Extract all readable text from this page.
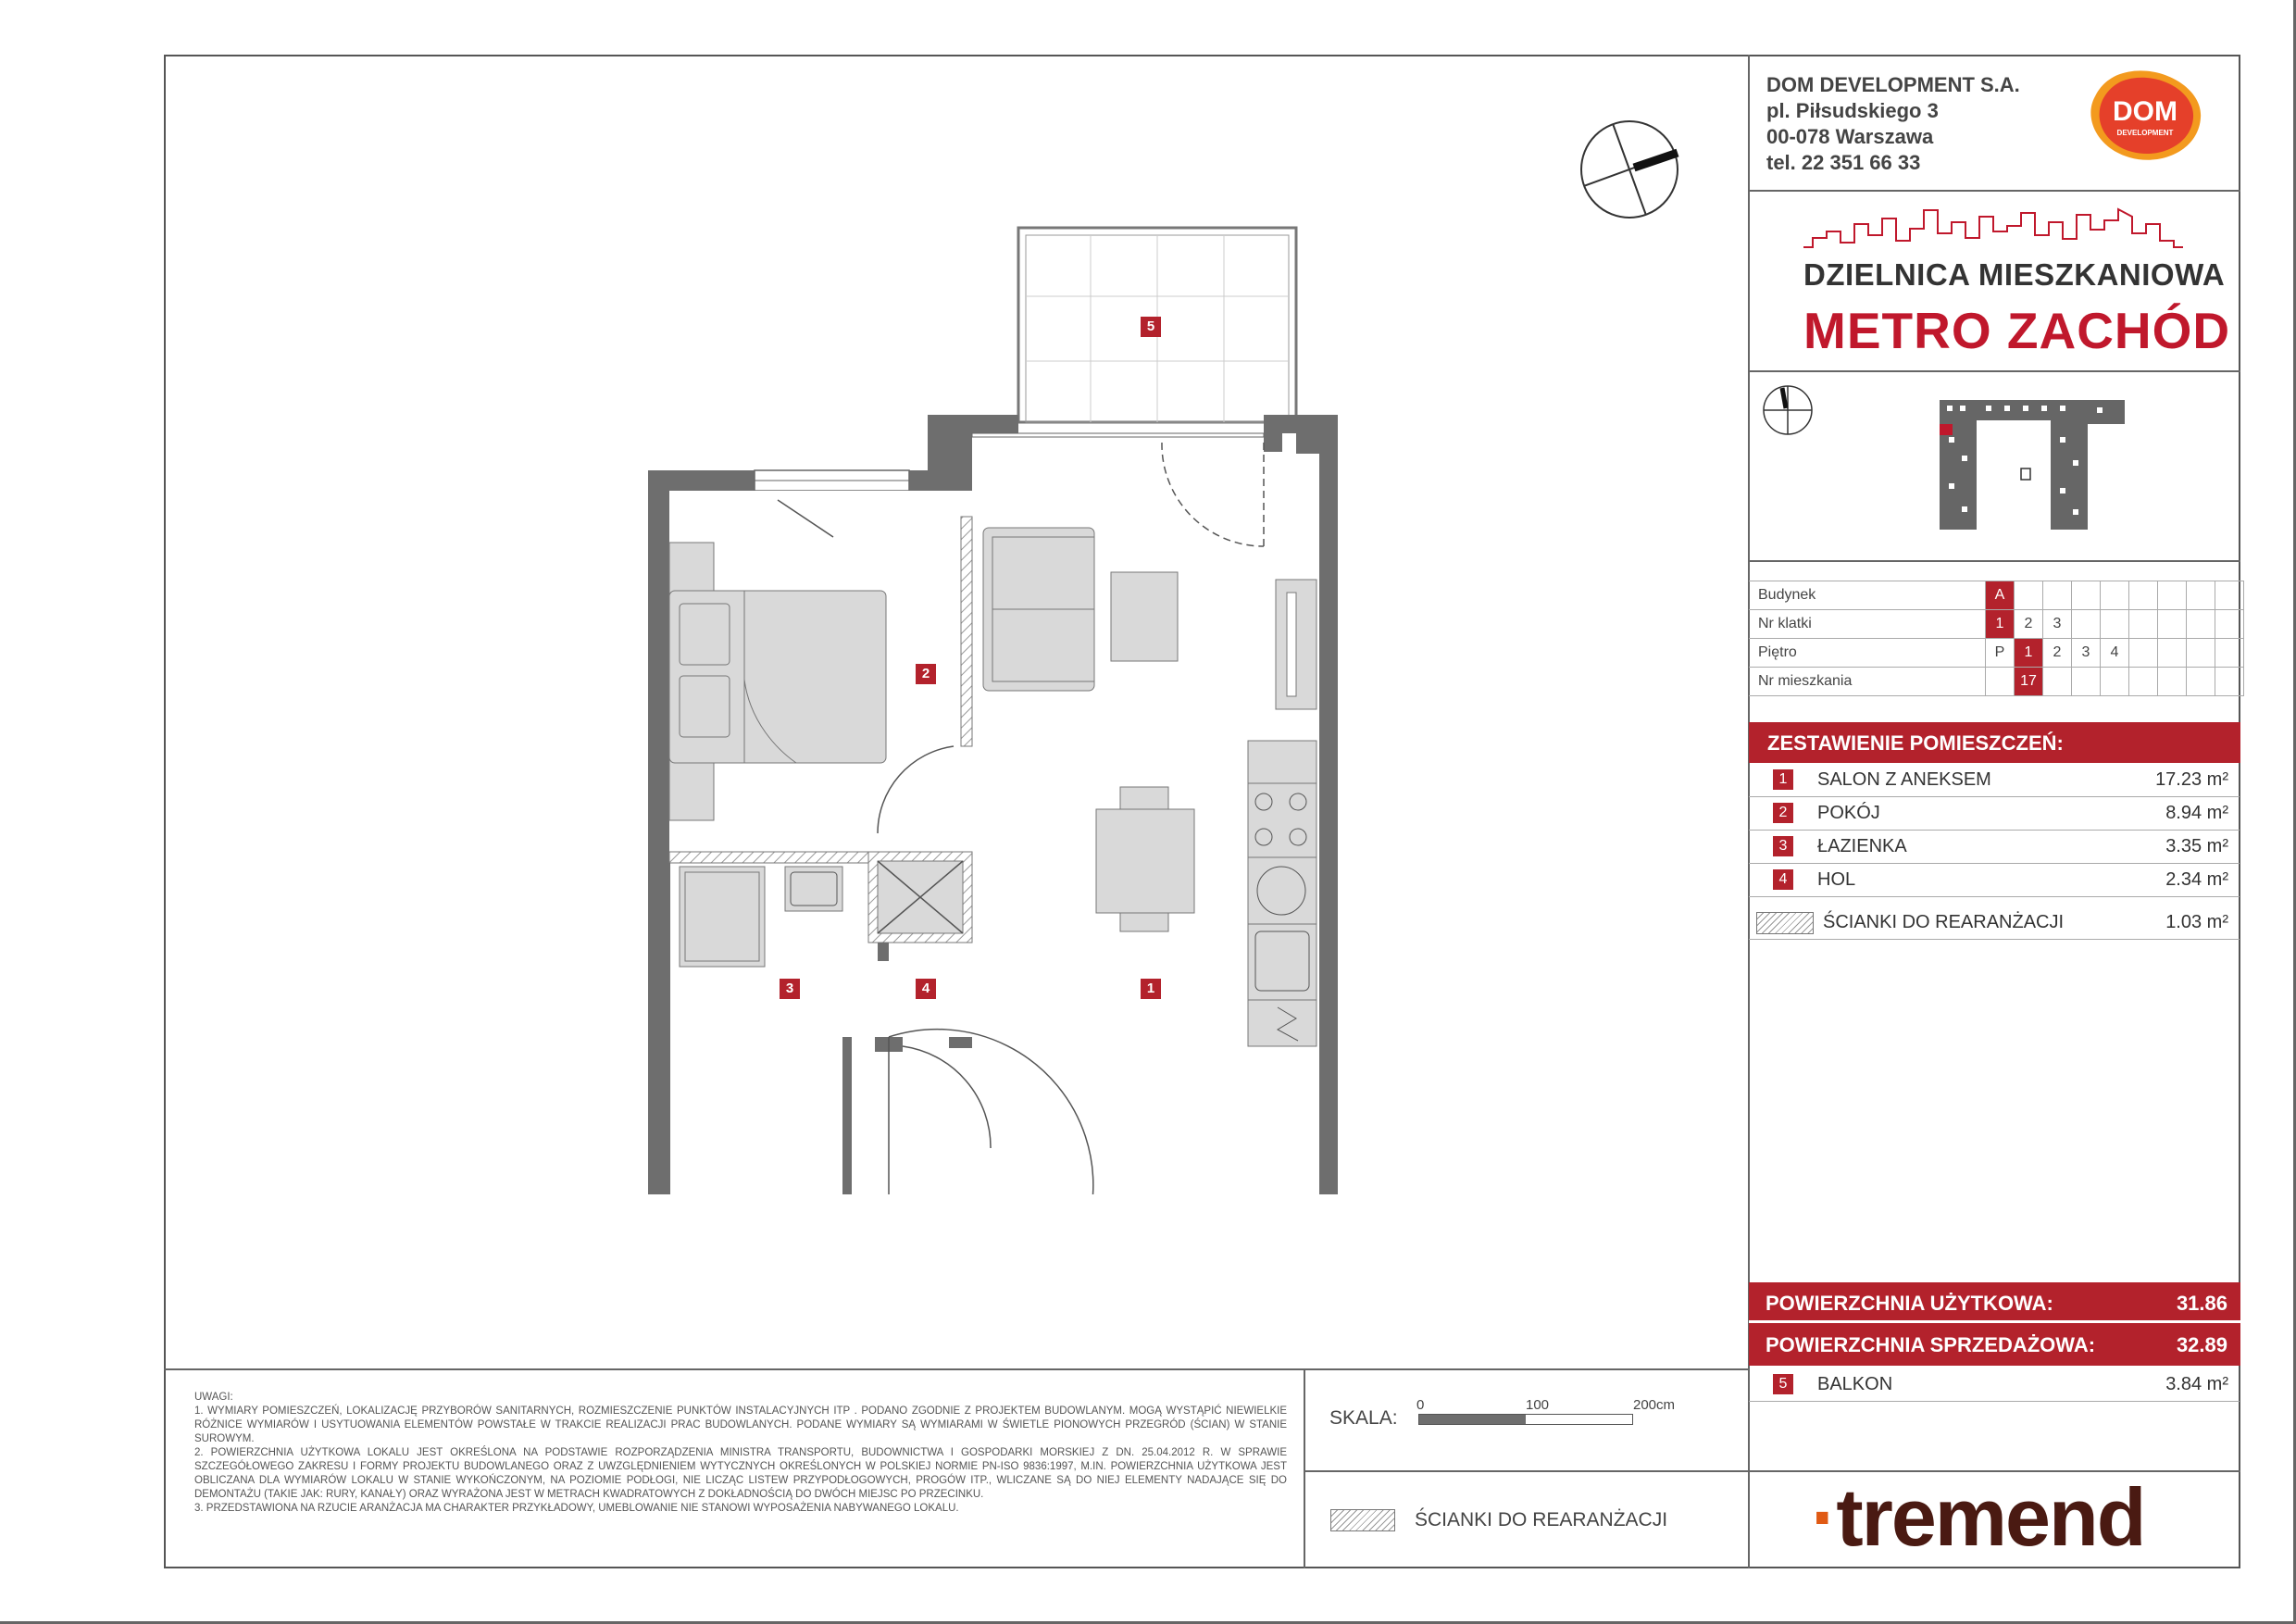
DOM DEVELOPMENT S.A.
pl. Piłsudskiego 3
00-078 Warszawa
tel. 22 351 66 33
DOM
DEVELOPMENT
DZIELNICA MIESZKANIOWA
METRO ZACHÓD
Budynek	A								
Nr klatki	1	2	3						
Piętro	P	1	2	3	4				
Nr mieszkania		17							
ZESTAWIENIE POMIESZCZEŃ:
1	SALON Z ANEKSEM	17.23 m²
2	POKÓJ	8.94 m²
3	ŁAZIENKA	3.35 m²
4	HOL	2.34 m²
ŚCIANKI DO REARANŻACJI	1.03 m²
POWIERZCHNIA UŻYTKOWA:	31.86
POWIERZCHNIA SPRZEDAŻOWA:	32.89
5	BALKON	3.84 m²
UWAGI:
1. WYMIARY POMIESZCZEŃ, LOKALIZACJĘ PRZYBORÓW SANITARNYCH, ROZMIESZCZENIE PUNKTÓW INSTALACYJNYCH ITP . PODANO ZGODNIE Z PROJEKTEM BUDOWLANYM. MOGĄ WYSTĄPIĆ NIEWIELKIE RÓŻNICE WYMIARÓW I USYTUOWANIA ELEMENTÓW POWSTAŁE W TRAKCIE REALIZACJI PRAC BUDOWLANYCH. PODANE WYMIARY SĄ WYMIARAMI W ŚWIETLE PIONOWYCH PRZEGRÓD (ŚCIAN) W STANIE SUROWYM.
2. POWIERZCHNIA UŻYTKOWA LOKALU JEST OKREŚLONA NA PODSTAWIE ROZPORZĄDZENIA MINISTRA TRANSPORTU, BUDOWNICTWA I GOSPODARKI MORSKIEJ Z DN. 25.04.2012 R. W SPRAWIE SZCZEGÓŁOWEGO ZAKRESU I FORMY PROJEKTU BUDOWLANEGO ORAZ Z UWZGLĘDNIENIEM WYTYCZNYCH OKREŚLONYCH W POLSKIEJ NORMIE PN-ISO 9836:1997, M.IN. POWIERZCHNIA UŻYTKOWA JEST OBLICZANA DLA WYMIARÓW LOKALU W STANIE WYKOŃCZONYM, NA POZIOMIE PODŁOGI, NIE LICZĄC LISTEW PRZYPODŁOGOWYCH, PROGÓW ITP., WLICZANE SĄ DO NIEJ ELEMENTY NADAJĄCE SIĘ DO DEMONTAŻU (TAKIE JAK: RURY, KANAŁY) ORAZ WYRAŻONA JEST W METRACH KWADRATOWYCH Z DOKŁADNOŚCIĄ DO DWÓCH MIEJSC PO PRZECINKU.
3. PRZEDSTAWIONA NA RZUCIE ARANŻACJA MA CHARAKTER PRZYKŁADOWY, UMEBLOWANIE NIE STANOWI WYPOSAŻENIA NABYWANEGO LOKALU.
SKALA:
0	100	200cm
ŚCIANKI DO REARANŻACJI ·tremend
5
2
3	4	1
